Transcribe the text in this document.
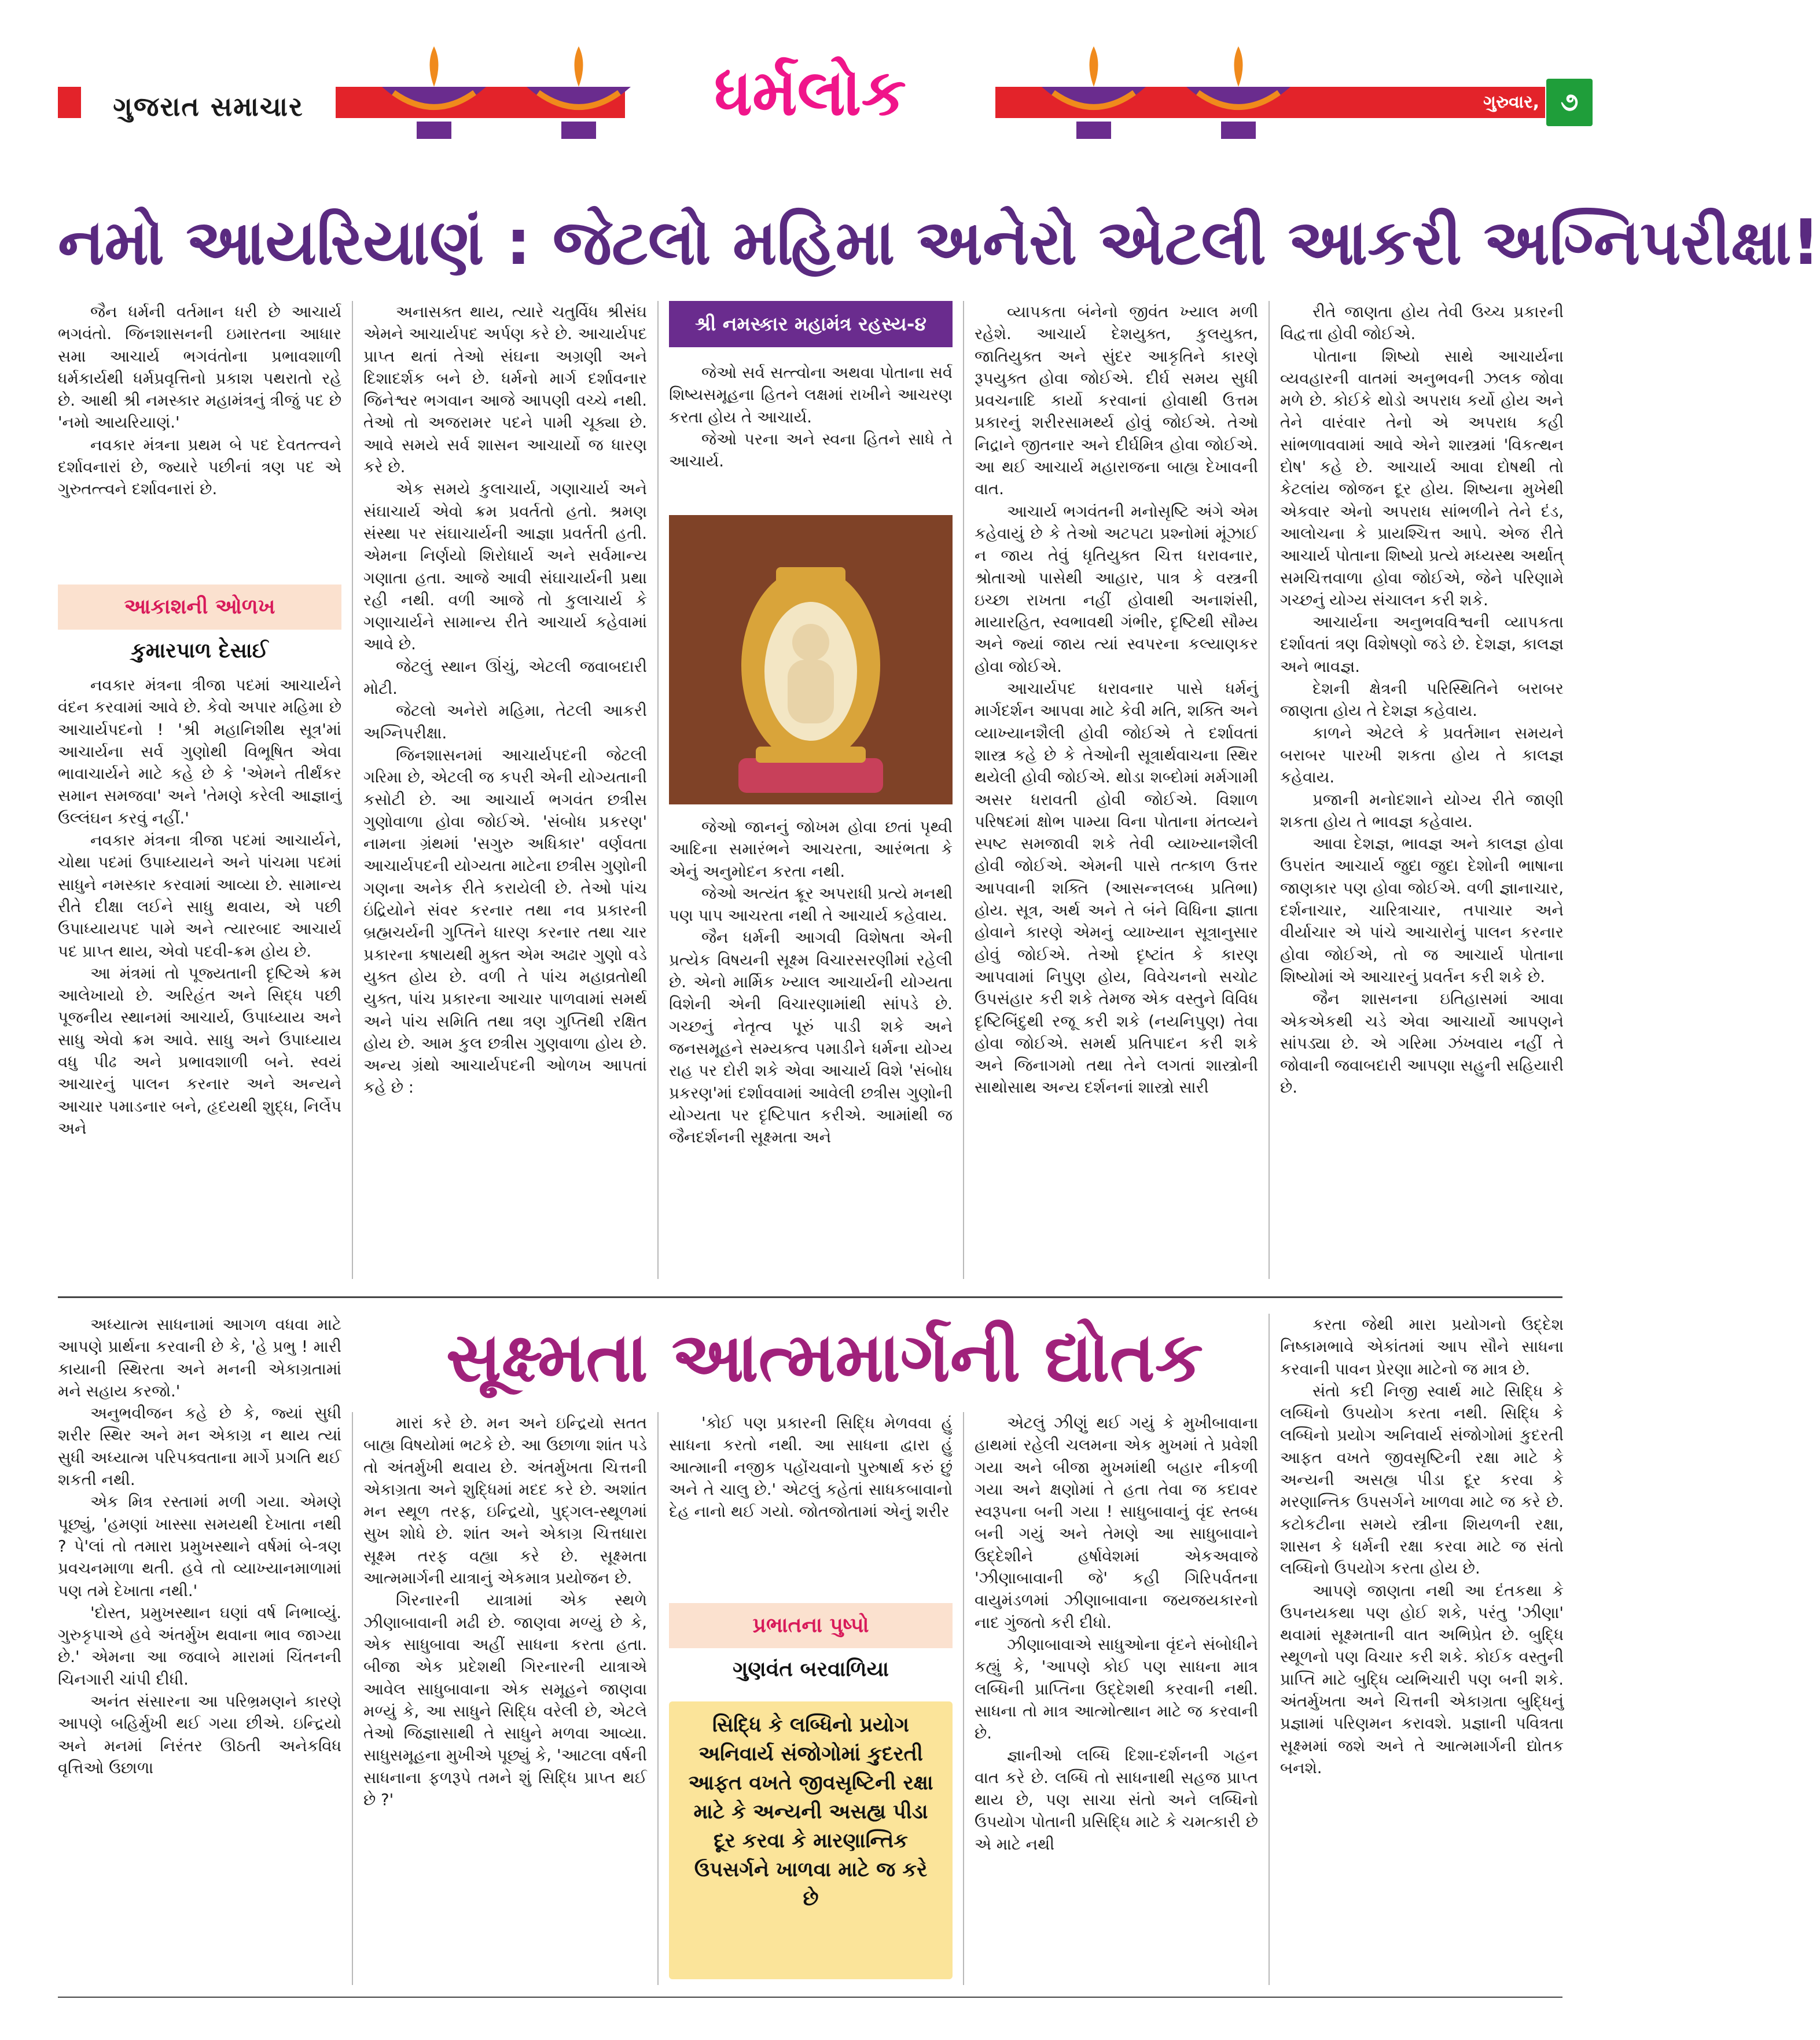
ગુજરાત સમાચાર	ગુરુવાર, ૧૬-૧૦-૨૦૨૫
૭
ધર્મલોક
નમો આયરિયાણં : જેટલો મહિમા અનેરો એટલી આકરી અગ્નિપરીક્ષા!

જૈન ધર્મની વર્તમાન ધરી છે આચાર્ય ભગવંતો. જિનશાસનની ઇમારતના આધાર સમા આચાર્ય ભગવંતોના પ્રભાવશાળી ધર્મકાર્યથી ધર્મપ્રવૃત્તિનો પ્રકાશ પથરાતો રહે છે. આથી શ્રી નમસ્કાર મહામંત્રનું ત્રીજું પદ છે 'નમો આયરિયાણં.'

નવકાર મંત્રના પ્રથમ બે પદ દેવતત્ત્વને દર્શાવનારાં છે, જ્યારે પછીનાં ત્રણ પદ એ ગુરુતત્ત્વને દર્શાવનારાં છે.

આકાશની ઓળખ
કુમારપાળ દેસાઈ

નવકાર મંત્રના ત્રીજા પદમાં આચાર્યને વંદન કરવામાં આવે છે. કેવો અપાર મહિમા છે આચાર્યપદનો ! 'શ્રી મહાનિશીથ સૂત્ર'માં આચાર્યના સર્વ ગુણોથી વિભૂષિત એવા ભાવાચાર્યને માટે કહે છે કે 'એમને તીર્થંકર સમાન સમજવા' અને 'તેમણે કરેલી આજ્ઞાનું ઉલ્લંઘન કરવું નહીં.'

નવકાર મંત્રના ત્રીજા પદમાં આચાર્યને, ચોથા પદમાં ઉપાધ્યાયને અને પાંચમા પદમાં સાધુને નમસ્કાર કરવામાં આવ્યા છે. સામાન્ય રીતે દીક્ષા લઈને સાધુ થવાય, એ પછી ઉપાધ્યાયપદ પામે અને ત્યારબાદ આચાર્ય પદ પ્રાપ્ત થાય, એવો પદવી-ક્રમ હોય છે.

આ મંત્રમાં તો પૂજ્યતાની દૃષ્ટિએ ક્રમ આલેખાયો છે. અરિહંત અને સિદ્ધ પછી પૂજનીય સ્થાનમાં આચાર્ય, ઉપાધ્યાય અને સાધુ એવો ક્રમ આવે. સાધુ અને ઉપાધ્યાય વધુ પીઢ અને પ્રભાવશાળી બને. સ્વયં આચારનું પાલન કરનાર અને અન્યને આચાર પમાડનાર બને, હૃદયથી શુદ્ધ, નિર્લેપ અને

અનાસક્ત થાય, ત્યારે ચતુર્વિધ શ્રીસંઘ એમને આચાર્યપદ અર્પણ કરે છે. આચાર્યપદ પ્રાપ્ત થતાં તેઓ સંઘના અગ્રણી અને દિશાદર્શક બને છે. ધર્મનો માર્ગ દર્શાવનાર જિનેશ્વર ભગવાન આજે આપણી વચ્ચે નથી. તેઓ તો અજરામર પદને પામી ચૂક્યા છે. આવે સમયે સર્વ શાસન આચાર્યો જ ધારણ કરે છે.

એક સમયે કુલાચાર્ય, ગણાચાર્ય અને સંઘાચાર્ય એવો ક્રમ પ્રવર્તતો હતો. શ્રમણ સંસ્થા પર સંઘાચાર્યની આજ્ઞા પ્રવર્તતી હતી. એમના નિર્ણયો શિરોધાર્ય અને સર્વમાન્ય ગણાતા હતા. આજે આવી સંઘાચાર્યની પ્રથા રહી નથી. વળી આજે તો કુલાચાર્ય કે ગણાચાર્યને સામાન્ય રીતે આચાર્ય કહેવામાં આવે છે.

જેટલું સ્થાન ઊંચું, એટલી જવાબદારી મોટી.

જેટલો અનેરો મહિમા, તેટલી આકરી અગ્નિપરીક્ષા.

જિનશાસનમાં આચાર્યપદની જેટલી ગરિમા છે, એટલી જ કપરી એની યોગ્યતાની કસોટી છે. આ આચાર્ય ભગવંત છત્રીસ ગુણોવાળા હોવા જોઈએ. 'સંબોધ પ્રકરણ' નામના ગ્રંથમાં 'સગુરુ અધિકાર' વર્ણવતા આચાર્યપદની યોગ્યતા માટેના છત્રીસ ગુણોની ગણના અનેક રીતે કરાયેલી છે. તેઓ પાંચ ઇંદ્રિયોને સંવર કરનાર તથા નવ પ્રકારની બ્રહ્મચર્યની ગુપ્તિને ધારણ કરનાર તથા ચાર પ્રકારના કષાયથી મુક્ત એમ અઢાર ગુણો વડે યુક્ત હોય છે. વળી તે પાંચ મહાવ્રતોથી યુક્ત, પાંચ પ્રકારના આચાર પાળવામાં સમર્થ અને પાંચ સમિતિ તથા ત્રણ ગુપ્તિથી રક્ષિત હોય છે. આમ કુલ છત્રીસ ગુણવાળા હોય છે. અન્ય ગ્રંથો આચાર્યપદની ઓળખ આપતાં કહે છે :

શ્રી નમસ્કાર મહામંત્ર રહસ્ય-૪

જેઓ સર્વ સત્ત્વોના અથવા પોતાના સર્વ શિષ્યસમૂહના હિતને લક્ષમાં રાખીને આચરણ કરતા હોય તે આચાર્ય.

જેઓ પરના અને સ્વના હિતને સાધે તે આચાર્ય.

જેઓ જાનનું જોખમ હોવા છતાં પૃથ્વી આદિના સમારંભને આચરતા, આરંભતા કે એનું અનુમોદન કરતા નથી.

જેઓ અત્યંત ક્રૂર અપરાધી પ્રત્યે મનથી પણ પાપ આચરતા નથી તે આચાર્ય કહેવાય.

જૈન ધર્મની આગવી વિશેષતા એની પ્રત્યેક વિષયની સૂક્ષ્મ વિચારસરણીમાં રહેલી છે. એનો માર્મિક ખ્યાલ આચાર્યની યોગ્યતા વિશેની એની વિચારણામાંથી સાંપડે છે. ગચ્છનું નેતૃત્વ પૂરું પાડી શકે અને જનસમૂહને સમ્યક્ત્વ પમાડીને ધર્મના યોગ્ય રાહ પર દોરી શકે એવા આચાર્ય વિશે 'સંબોધ પ્રકરણ'માં દર્શાવવામાં આવેલી છત્રીસ ગુણોની યોગ્યતા પર દૃષ્ટિપાત કરીએ. આમાંથી જ જૈનદર્શનની સૂક્ષ્મતા અને

વ્યાપકતા બંનેનો જીવંત ખ્યાલ મળી રહેશે. આચાર્ય દેશયુક્ત, કુલયુક્ત, જાતિયુક્ત અને સુંદર આકૃતિને કારણે રૂપયુક્ત હોવા જોઈએ. દીર્ઘ સમય સુધી પ્રવચનાદિ કાર્યો કરવાનાં હોવાથી ઉત્તમ પ્રકારનું શરીરસામર્થ્ય હોવું જોઈએ. તેઓ નિદ્રાને જીતનાર અને દીર્ઘમિત્ર હોવા જોઈએ. આ થઈ આચાર્ય મહારાજના બાહ્ય દેખાવની વાત.

આચાર્ય ભગવંતની મનોસૃષ્ટિ અંગે એમ કહેવાયું છે કે તેઓ અટપટા પ્રશ્નોમાં મૂંઝાઈ ન જાય તેવું ધૃતિયુક્ત ચિત્ત ધરાવનાર, શ્રોતાઓ પાસેથી આહાર, પાત્ર કે વસ્ત્રની ઇચ્છા રાખતા નહીં હોવાથી અનાશંસી, માયારહિત, સ્વભાવથી ગંભીર, દૃષ્ટિથી સૌમ્ય અને જ્યાં જાય ત્યાં સ્વપરના કલ્યાણકર હોવા જોઈએ.

આચાર્યપદ ધરાવનાર પાસે ધર્મનું માર્ગદર્શન આપવા માટે કેવી મતિ, શક્તિ અને વ્યાખ્યાનશૈલી હોવી જોઈએ તે દર્શાવતાં શાસ્ત્ર કહે છે કે તેઓની સૂત્રાર્થવાચના સ્થિર થયેલી હોવી જોઈએ. થોડા શબ્દોમાં મર્મગામી અસર ધરાવતી હોવી જોઈએ. વિશાળ પરિષદમાં ક્ષોભ પામ્યા વિના પોતાના મંતવ્યને સ્પષ્ટ સમજાવી શકે તેવી વ્યાખ્યાનશૈલી હોવી જોઈએ. એમની પાસે તત્કાળ ઉત્તર આપવાની શક્તિ (આસન્નલબ્ધ પ્રતિભા) હોય. સૂત્ર, અર્થ અને તે બંને વિધિના જ્ઞાતા હોવાને કારણે એમનું વ્યાખ્યાન સૂત્રાનુસાર હોવું જોઈએ. તેઓ દૃષ્ટાંત કે કારણ આપવામાં નિપુણ હોય, વિવેચનનો સચોટ ઉપસંહાર કરી શકે તેમજ એક વસ્તુને વિવિધ દૃષ્ટિબિંદુથી રજૂ કરી શકે (નયનિપુણ) તેવા હોવા જોઈએ. સમર્થ પ્રતિપાદન કરી શકે અને જિનાગમો તથા તેને લગતાં શાસ્ત્રોની સાથોસાથ અન્ય દર્શનનાં શાસ્ત્રો સારી

રીતે જાણતા હોય તેવી ઉચ્ચ પ્રકારની વિદ્વત્તા હોવી જોઈએ.

પોતાના શિષ્યો સાથે આચાર્યના વ્યવહારની વાતમાં અનુભવની ઝલક જોવા મળે છે. કોઈકે થોડો અપરાધ કર્યો હોય અને તેને વારંવાર તેનો એ અપરાધ કહી સાંભળાવવામાં આવે એને શાસ્ત્રમાં 'વિકત્થન દોષ' કહે છે. આચાર્ય આવા દોષથી તો કેટલાંય જોજન દૂર હોય. શિષ્યના મુખેથી એકવાર એનો અપરાધ સાંભળીને તેને દંડ, આલોચના કે પ્રાયશ્ચિત્ત આપે. એજ રીતે આચાર્ય પોતાના શિષ્યો પ્રત્યે મધ્યસ્થ અર્થાત્ સમચિત્તવાળા હોવા જોઈએ, જેને પરિણામે ગચ્છનું યોગ્ય સંચાલન કરી શકે.

આચાર્યના અનુભવવિશ્વની વ્યાપકતા દર્શાવતાં ત્રણ વિશેષણો જડે છે. દેશજ્ઞ, કાલજ્ઞ અને ભાવજ્ઞ.

દેશની ક્ષેત્રની પરિસ્થિતિને બરાબર જાણતા હોય તે દેશજ્ઞ કહેવાય.

કાળને એટલે કે પ્રવર્તમાન સમયને બરાબર પારખી શકતા હોય તે કાલજ્ઞ કહેવાય.

પ્રજાની મનોદશાને યોગ્ય રીતે જાણી શકતા હોય તે ભાવજ્ઞ કહેવાય.

આવા દેશજ્ઞ, ભાવજ્ઞ અને કાલજ્ઞ હોવા ઉપરાંત આચાર્ય જુદા જુદા દેશોની ભાષાના જાણકાર પણ હોવા જોઈએ. વળી જ્ઞાનાચાર, દર્શનાચાર, ચારિત્રાચાર, તપાચાર અને વીર્યાચાર એ પાંચે આચારોનું પાલન કરનાર હોવા જોઈએ, તો જ આચાર્ય પોતાના શિષ્યોમાં એ આચારનું પ્રવર્તન કરી શકે છે.

જૈન શાસનના ઇતિહાસમાં આવા એકએકથી ચડે એવા આચાર્યો આપણને સાંપડ્યા છે. એ ગરિમા ઝંખવાય નહીં તે જોવાની જવાબદારી આપણા સહુની સહિયારી છે.

સૂક્ષ્મતા આત્મમાર્ગની દ્યોતક

અધ્યાત્મ સાધનામાં આગળ વધવા માટે આપણે પ્રાર્થના કરવાની છે કે, 'હે પ્રભુ ! મારી કાયાની સ્થિરતા અને મનની એકાગ્રતામાં મને સહાય કરજો.'

અનુભવીજન કહે છે કે, જ્યાં સુધી શરીર સ્થિર અને મન એકાગ્ર ન થાય ત્યાં સુધી અધ્યાત્મ પરિપક્વતાના માર્ગે પ્રગતિ થઈ શકતી નથી.

એક મિત્ર રસ્તામાં મળી ગયા. એમણે પૂછ્યું, 'હમણાં ખાસ્સા સમયથી દેખાતા નથી ? પે'લાં તો તમારા પ્રમુખસ્થાને વર્ષમાં બે-ત્રણ પ્રવચનમાળા થતી. હવે તો વ્યાખ્યાનમાળામાં પણ તમે દેખાતા નથી.'

'દોસ્ત, પ્રમુખસ્થાન ઘણાં વર્ષ નિભાવ્યું. ગુરુકૃપાએ હવે અંતર્મુખ થવાના ભાવ જાગ્યા છે.' એમના આ જવાબે મારામાં ચિંતનની ચિનગારી ચાંપી દીધી.

અનંત સંસારના આ પરિભ્રમણને કારણે આપણે બહિર્મુખી થઈ ગયા છીએ. ઇન્દ્રિયો અને મનમાં નિરંતર ઊઠતી અનેકવિધ વૃત્તિઓ ઉછાળા

મારાં કરે છે. મન અને ઇન્દ્રિયો સતત બાહ્ય વિષયોમાં ભટકે છે. આ ઉછાળા શાંત પડે તો અંતર્મુખી થવાય છે. અંતર્મુખતા ચિત્તની એકાગ્રતા અને શુદ્ધિમાં મદદ કરે છે. અશાંત મન સ્થૂળ તરફ, ઇન્દ્રિયો, પુદ્ગલ-સ્થૂળમાં સુખ શોધે છે. શાંત અને એકાગ્ર ચિત્તધારા સૂક્ષ્મ તરફ વહ્યા કરે છે. સૂક્ષ્મતા આત્મમાર્ગની યાત્રાનું એકમાત્ર પ્રયોજન છે.

ગિરનારની યાત્રામાં એક સ્થળે ઝીણાબાવાની મઢી છે. જાણવા મળ્યું છે કે, એક સાધુબાવા અહીં સાધના કરતા હતા. બીજા એક પ્રદેશથી ગિરનારની યાત્રાએ આવેલ સાધુબાવાના એક સમૂહને જાણવા મળ્યું કે, આ સાધુને સિદ્ધિ વરેલી છે, એટલે તેઓ જિજ્ઞાસાથી તે સાધુને મળવા આવ્યા. સાધુસમૂહના મુખીએ પૂછ્યું કે, 'આટલા વર્ષની સાધનાના ફળરૂપે તમને શું સિદ્ધિ પ્રાપ્ત થઈ છે ?'

'કોઈ પણ પ્રકારની સિદ્ધિ મેળવવા હું સાધના કરતો નથી. આ સાધના દ્વારા હું આત્માની નજીક પહોંચવાનો પુરુષાર્થ કરું છું અને તે ચાલુ છે.' એટલું કહેતાં સાધકબાવાનો દેહ નાનો થઈ ગયો. જોતજોતામાં એનું શરીર

પ્રભાતના પુષ્પો
ગુણવંત બરવાળિયા
સિદ્ધિ કે લબ્ધિનો પ્રયોગ અનિવાર્ય સંજોગોમાં કુદરતી આફત વખતે જીવસૃષ્ટિની રક્ષા માટે કે અન્યની અસહ્ય પીડા દૂર કરવા કે મારણાન્તિક ઉપસર્ગને ખાળવા માટે જ કરે છે

એટલું ઝીણું થઈ ગયું કે મુખીબાવાના હાથમાં રહેલી ચલમના એક મુખમાં તે પ્રવેશી ગયા અને બીજા મુખમાંથી બહાર નીકળી ગયા અને ક્ષણોમાં તે હતા તેવા જ કદાવર સ્વરૂપના બની ગયા ! સાધુબાવાનું વૃંદ સ્તબ્ધ બની ગયું અને તેમણે આ સાધુબાવાને ઉદ્દેશીને હર્ષાવેશમાં એકઅવાજે 'ઝીણાબાવાની જે' કહી ગિરિપર્વતના વાયુમંડળમાં ઝીણાબાવાના જયજયકારનો નાદ ગુંજતો કરી દીધો.

ઝીણાબાવાએ સાધુઓના વૃંદને સંબોધીને કહ્યું કે, 'આપણે કોઈ પણ સાધના માત્ર લબ્ધિની પ્રાપ્તિના ઉદ્દેશથી કરવાની નથી. સાધના તો માત્ર આત્મોત્થાન માટે જ કરવાની છે.

જ્ઞાનીઓ લબ્ધિ દિશા-દર્શનની ગહન વાત કરે છે. લબ્ધિ તો સાધનાથી સહજ પ્રાપ્ત થાય છે, પણ સાચા સંતો અને લબ્ધિનો ઉપયોગ પોતાની પ્રસિદ્ધિ માટે કે ચમત્કારી છે એ માટે નથી

કરતા જેથી મારા પ્રયોગનો ઉદ્દેશ નિષ્કામભાવે એકાંતમાં આપ સૌને સાધના કરવાની પાવન પ્રેરણા માટેનો જ માત્ર છે.

સંતો કદી નિજી સ્વાર્થ માટે સિદ્ધિ કે લબ્ધિનો ઉપયોગ કરતા નથી. સિદ્ધિ કે લબ્ધિનો પ્રયોગ અનિવાર્ય સંજોગોમાં કુદરતી આફત વખતે જીવસૃષ્ટિની રક્ષા માટે કે અન્યની અસહ્ય પીડા દૂર કરવા કે મરણાન્તિક ઉપસર્ગને ખાળવા માટે જ કરે છે. કટોકટીના સમયે સ્ત્રીના શિયળની રક્ષા, શાસન કે ધર્મની રક્ષા કરવા માટે જ સંતો લબ્ધિનો ઉપયોગ કરતા હોય છે.

આપણે જાણતા નથી આ દંતકથા કે ઉપનયકથા પણ હોઈ શકે, પરંતુ 'ઝીણા' થવામાં સૂક્ષ્મતાની વાત અભિપ્રેત છે. બુદ્ધિ સ્થૂળનો પણ વિચાર કરી શકે. કોઈક વસ્તુની પ્રાપ્તિ માટે બુદ્ધિ વ્યભિચારી પણ બની શકે. અંતર્મુખતા અને ચિત્તની એકાગ્રતા બુદ્ધિનું પ્રજ્ઞામાં પરિણમન કરાવશે. પ્રજ્ઞાની પવિત્રતા સૂક્ષ્મમાં જશે અને તે આત્મમાર્ગની દ્યોતક બનશે.
